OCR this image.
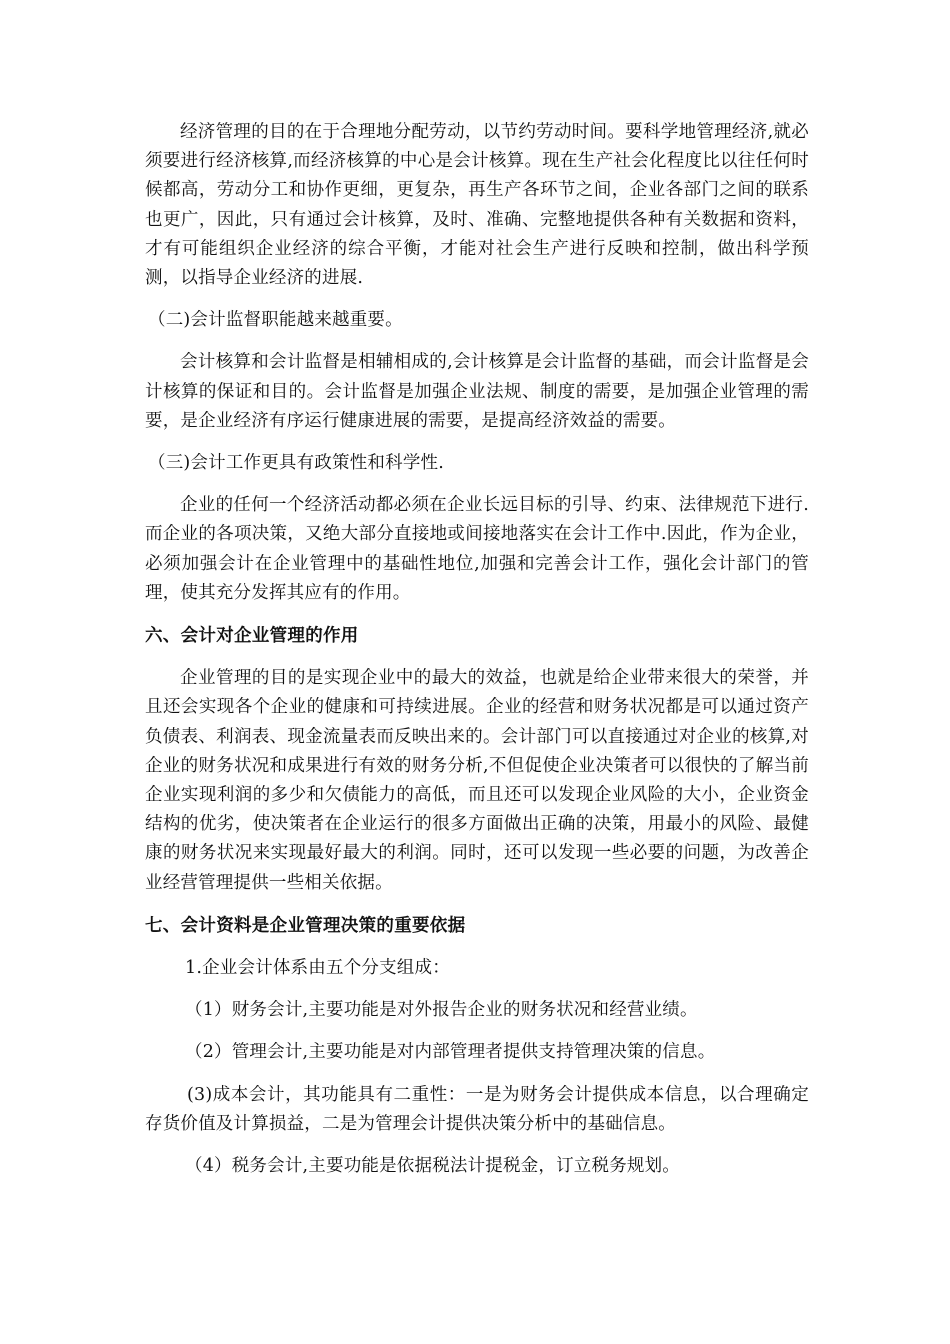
经济管理的目的在于合理地分配劳动，以节约劳动时间。要科学地管理经济,就必须要进行经济核算,而经济核算的中心是会计核算。现在生产社会化程度比以往任何时候都高，劳动分工和协作更细，更复杂，再生产各环节之间，企业各部门之间的联系也更广，因此，只有通过会计核算，及时、准确、完整地提供各种有关数据和资料，才有可能组织企业经济的综合平衡，才能对社会生产进行反映和控制，做出科学预测，以指导企业经济的进展.

（二)会计监督职能越来越重要。

会计核算和会计监督是相辅相成的,会计核算是会计监督的基础，而会计监督是会计核算的保证和目的。会计监督是加强企业法规、制度的需要，是加强企业管理的需要，是企业经济有序运行健康进展的需要，是提高经济效益的需要。

（三)会计工作更具有政策性和科学性.

企业的任何一个经济活动都必须在企业长远目标的引导、约束、法律规范下进行.而企业的各项决策，又绝大部分直接地或间接地落实在会计工作中.因此，作为企业，必须加强会计在企业管理中的基础性地位,加强和完善会计工作，强化会计部门的管理，使其充分发挥其应有的作用。

六、会计对企业管理的作用

企业管理的目的是实现企业中的最大的效益，也就是给企业带来很大的荣誉，并且还会实现各个企业的健康和可持续进展。企业的经营和财务状况都是可以通过资产负债表、利润表、现金流量表而反映出来的。会计部门可以直接通过对企业的核算,对企业的财务状况和成果进行有效的财务分析,不但促使企业决策者可以很快的了解当前企业实现利润的多少和欠债能力的高低，而且还可以发现企业风险的大小，企业资金结构的优劣，使决策者在企业运行的很多方面做出正确的决策，用最小的风险、最健康的财务状况来实现最好最大的利润。同时，还可以发现一些必要的问题，为改善企业经营管理提供一些相关依据。

七、会计资料是企业管理决策的重要依据

1.企业会计体系由五个分支组成：

（1）财务会计,主要功能是对外报告企业的财务状况和经营业绩。

（2）管理会计,主要功能是对内部管理者提供支持管理决策的信息。

(3)成本会计，其功能具有二重性：一是为财务会计提供成本信息，以合理确定存货价值及计算损益，二是为管理会计提供决策分析中的基础信息。

（4）税务会计,主要功能是依据税法计提税金，订立税务规划。
